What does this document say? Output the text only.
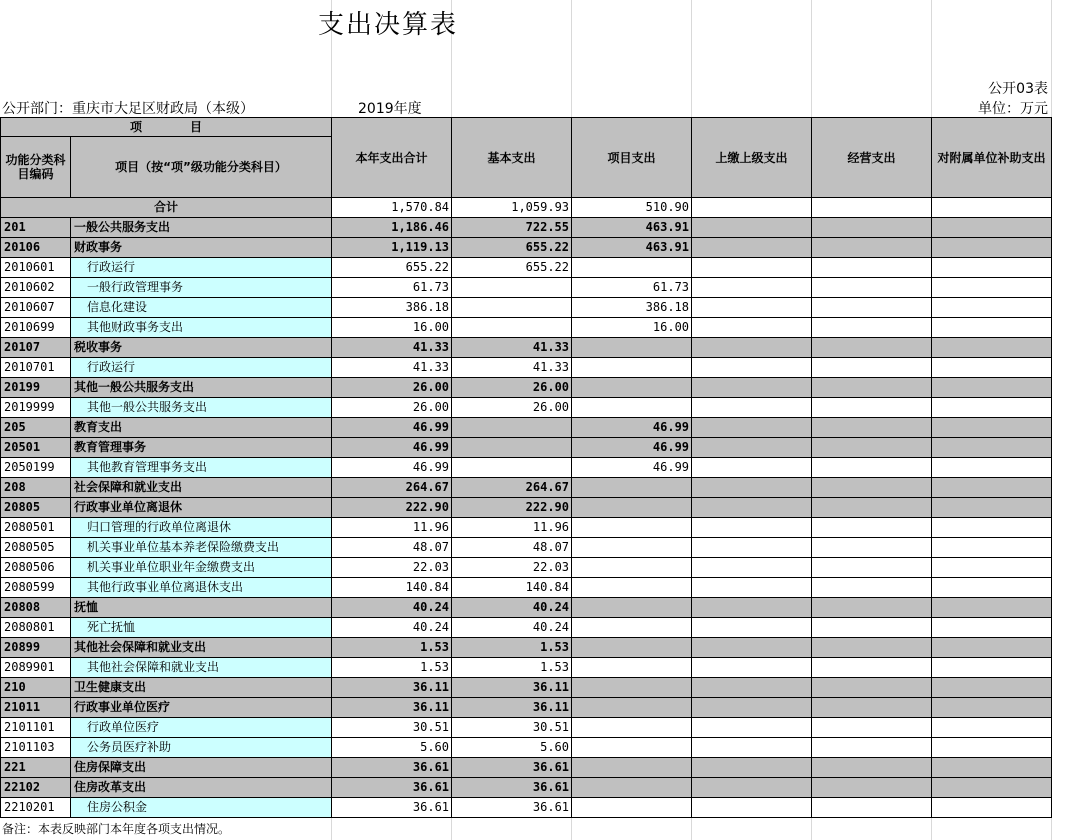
支出决算表
公开03表
公开部门：重庆市大足区财政局（本级）	2019年度	单位：万元
项　　　　目		本年支出合计	基本支出	项目支出	上缴上级支出	经营支出	对附属单位补助支出
功能分类科目编码	项目（按“项”级功能分类科目）						
合计		1,570.84	1,059.93	510.90			
201	一般公共服务支出	1,186.46	722.55	463.91			
20106	财政事务	1,119.13	655.22	463.91			
2010601	行政运行	655.22	655.22				
2010602	一般行政管理事务	61.73		61.73			
2010607	信息化建设	386.18		386.18			
2010699	其他财政事务支出	16.00		16.00			
20107	税收事务	41.33	41.33				
2010701	行政运行	41.33	41.33				
20199	其他一般公共服务支出	26.00	26.00				
2019999	其他一般公共服务支出	26.00	26.00				
205	教育支出	46.99		46.99			
20501	教育管理事务	46.99		46.99			
2050199	其他教育管理事务支出	46.99		46.99			
208	社会保障和就业支出	264.67	264.67				
20805	行政事业单位离退休	222.90	222.90				
2080501	归口管理的行政单位离退休	11.96	11.96				
2080505	机关事业单位基本养老保险缴费支出	48.07	48.07				
2080506	机关事业单位职业年金缴费支出	22.03	22.03				
2080599	其他行政事业单位离退休支出	140.84	140.84				
20808	抚恤	40.24	40.24				
2080801	死亡抚恤	40.24	40.24				
20899	其他社会保障和就业支出	1.53	1.53				
2089901	其他社会保障和就业支出	1.53	1.53				
210	卫生健康支出	36.11	36.11				
21011	行政事业单位医疗	36.11	36.11				
2101101	行政单位医疗	30.51	30.51				
2101103	公务员医疗补助	5.60	5.60				
221	住房保障支出	36.61	36.61				
22102	住房改革支出	36.61	36.61				
2210201	住房公积金	36.61	36.61				
备注：本表反映部门本年度各项支出情况。
